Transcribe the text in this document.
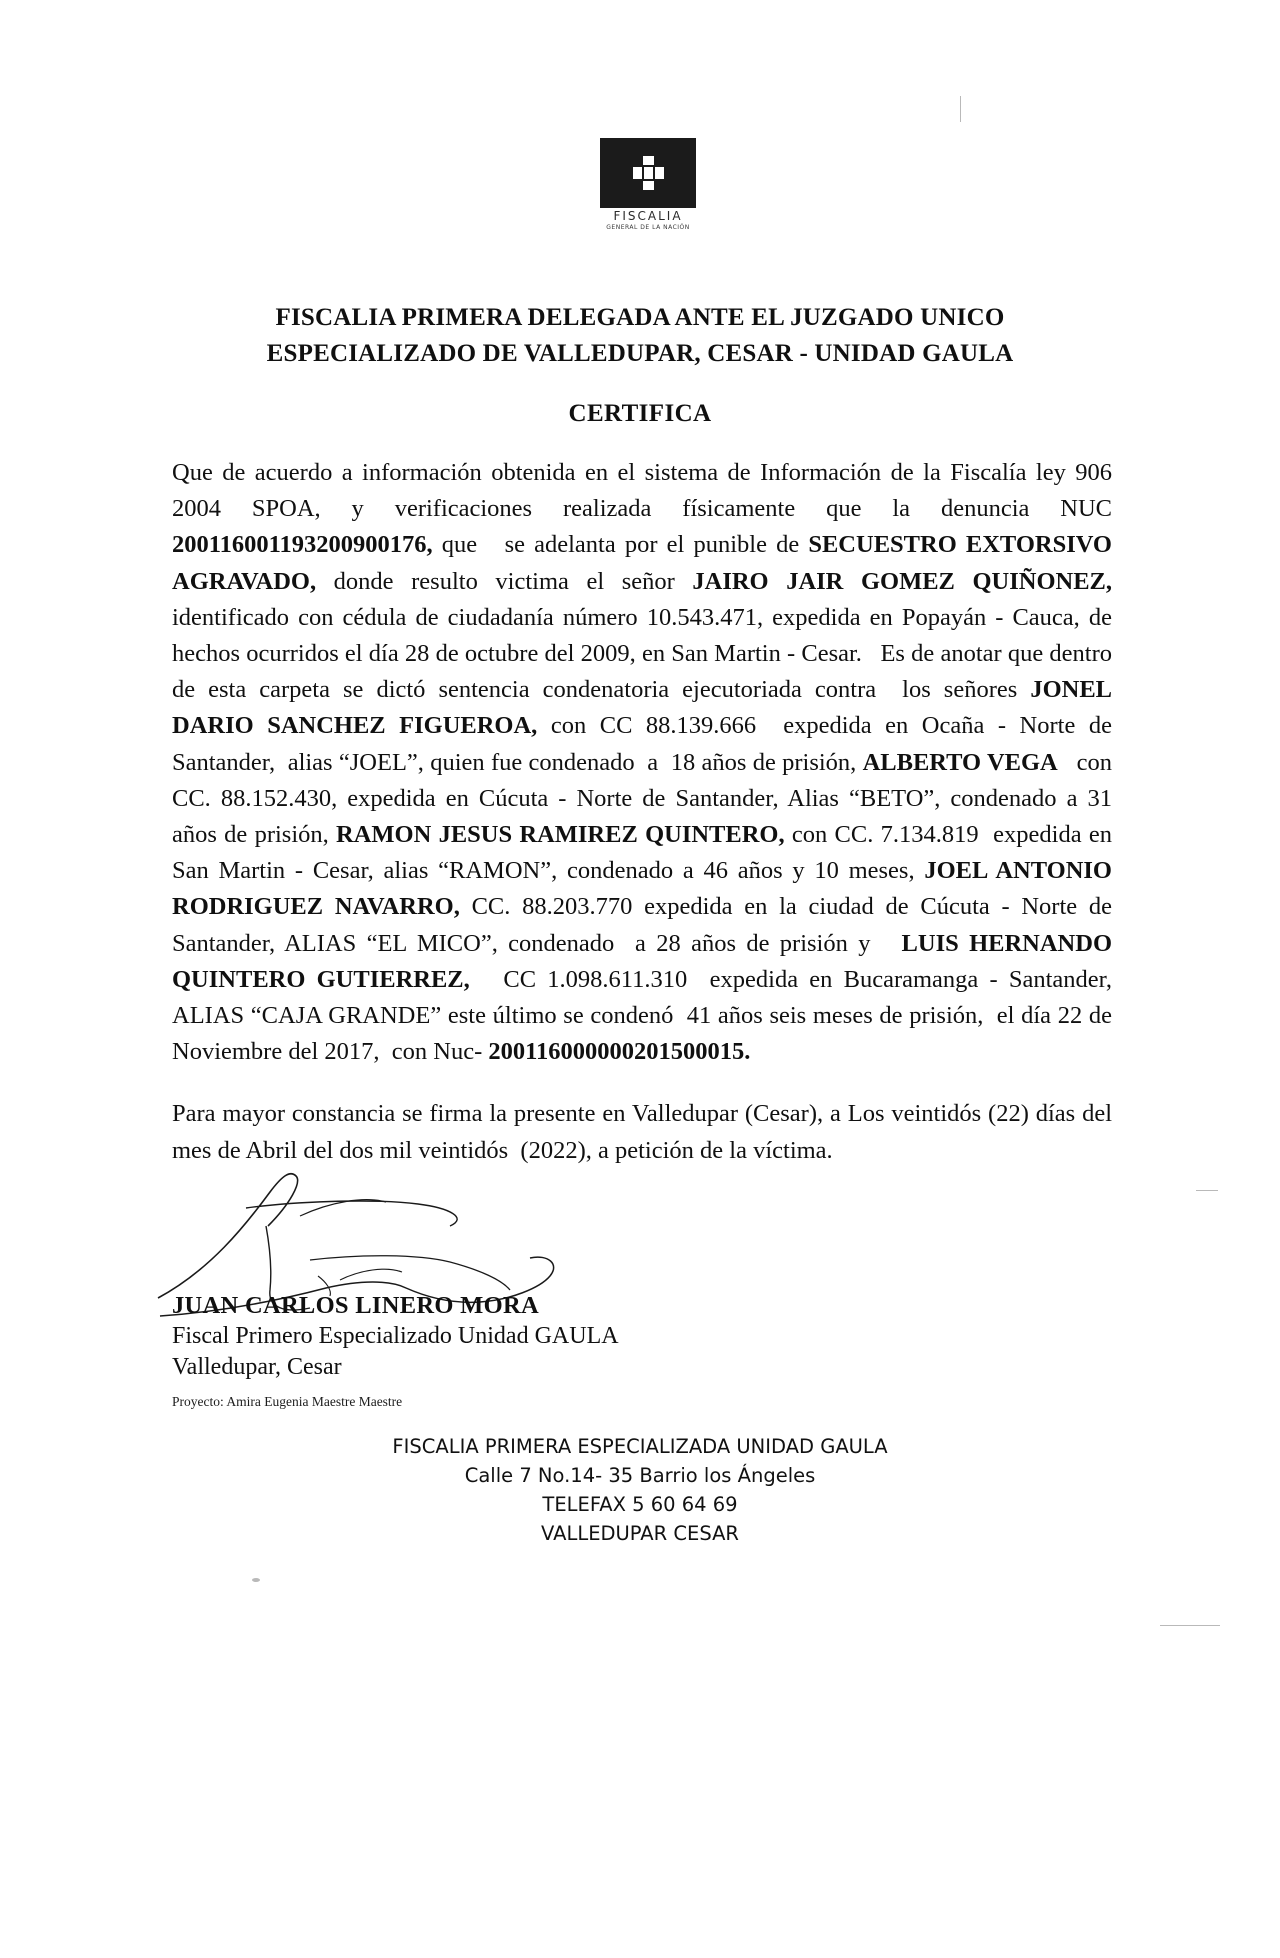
FISCALIA
GENERAL DE LA NACIÓN
FISCALIA PRIMERA DELEGADA ANTE EL JUZGADO UNICO
ESPECIALIZADO DE VALLEDUPAR, CESAR - UNIDAD GAULA
CERTIFICA

Que de acuerdo a información obtenida en el sistema de Información de la Fiscalía ley 906 2004 SPOA, y verificaciones realizada físicamente que la denuncia NUC 200116001193200900176, que   se adelanta por el punible de SECUESTRO EXTORSIVO AGRAVADO, donde resulto victima el señor JAIRO JAIR GOMEZ QUIÑONEZ, identificado con cédula de ciudadanía número 10.543.471, expedida en Popayán - Cauca, de hechos ocurridos el día 28 de octubre del 2009, en San Martin - Cesar.   Es de anotar que dentro de esta carpeta se dictó sentencia condenatoria ejecutoriada contra  los señores JONEL DARIO SANCHEZ FIGUEROA, con CC 88.139.666  expedida en Ocaña - Norte de Santander,  alias “JOEL”, quien fue condenado  a  18 años de prisión, ALBERTO VEGA   con CC. 88.152.430, expedida en Cúcuta - Norte de Santander, Alias “BETO”, condenado a 31 años de prisión, RAMON JESUS RAMIREZ QUINTERO, con CC. 7.134.819  expedida en San Martin - Cesar, alias “RAMON”, condenado a 46 años y 10 meses, JOEL ANTONIO RODRIGUEZ NAVARRO, CC. 88.203.770 expedida en la ciudad de Cúcuta - Norte de Santander, ALIAS “EL MICO”, condenado  a 28 años de prisión y   LUIS HERNANDO QUINTERO GUTIERREZ,   CC 1.098.611.310  expedida en Bucaramanga - Santander, ALIAS “CAJA GRANDE” este último se condenó  41 años seis meses de prisión,  el día 22 de Noviembre del 2017,  con Nuc- 200116000000201500015.

Para mayor constancia se firma la presente en Valledupar (Cesar), a Los veintidós (22) días del mes de Abril del dos mil veintidós  (2022), a petición de la víctima.

JUAN CARLOS LINERO MORA
Fiscal Primero Especializado Unidad GAULA
Valledupar, Cesar
Proyecto: Amira Eugenia Maestre Maestre
FISCALIA PRIMERA ESPECIALIZADA UNIDAD GAULA
Calle 7 No.14- 35 Barrio los Ángeles
TELEFAX 5 60 64 69
VALLEDUPAR CESAR
